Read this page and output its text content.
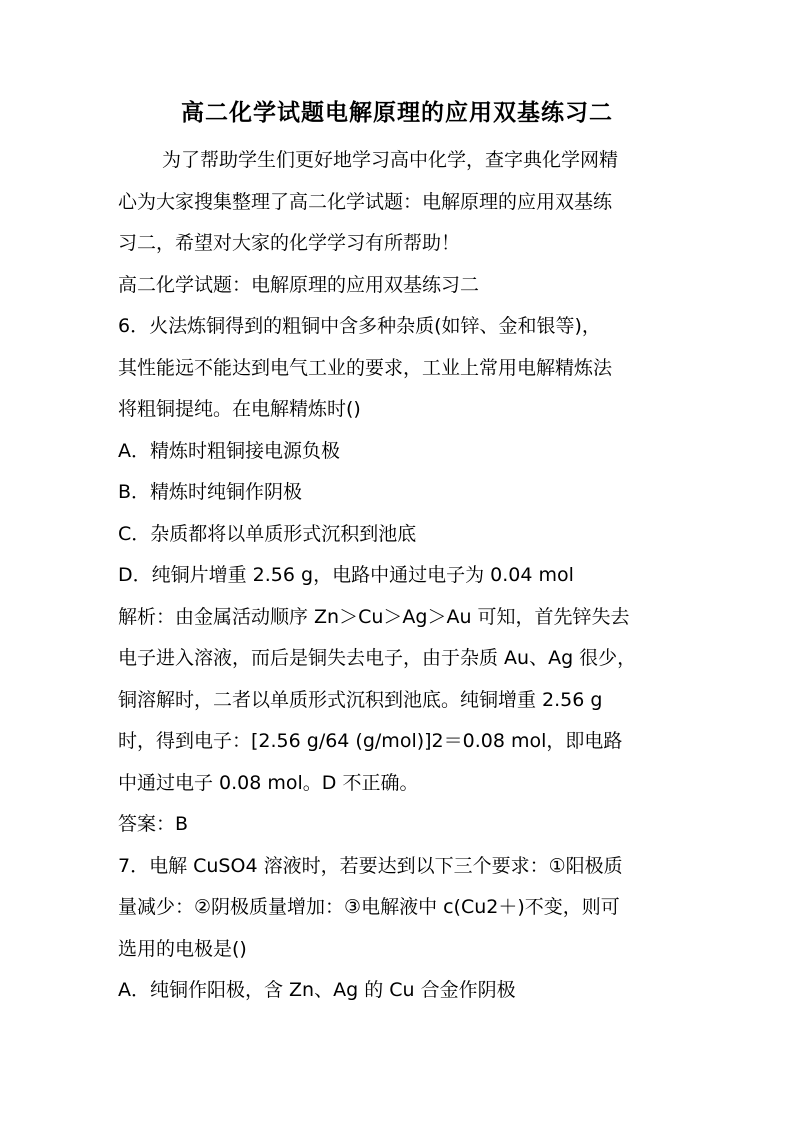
高二化学试题电解原理的应用双基练习二
为了帮助学生们更好地学习高中化学，查字典化学网精
心为大家搜集整理了高二化学试题：电解原理的应用双基练
习二，希望对大家的化学学习有所帮助！
高二化学试题：电解原理的应用双基练习二
6．火法炼铜得到的粗铜中含多种杂质(如锌、金和银等)，
其性能远不能达到电气工业的要求，工业上常用电解精炼法
将粗铜提纯。在电解精炼时()
A．精炼时粗铜接电源负极
B．精炼时纯铜作阴极
C．杂质都将以单质形式沉积到池底
D．纯铜片增重 2.56 g，电路中通过电子为 0.04 mol
解析：由金属活动顺序 Zn＞Cu＞Ag＞Au 可知，首先锌失去
电子进入溶液，而后是铜失去电子，由于杂质 Au、Ag 很少，
铜溶解时，二者以单质形式沉积到池底。纯铜增重 2.56 g
时，得到电子：[2.56 g/64 (g/mol)]2＝0.08 mol，即电路
中通过电子 0.08 mol。D 不正确。
答案：B
7．电解 CuSO4 溶液时，若要达到以下三个要求：①阳极质
量减少：②阴极质量增加：③电解液中 c(Cu2＋)不变，则可
选用的电极是()
A．纯铜作阳极，含 Zn、Ag 的 Cu 合金作阴极
